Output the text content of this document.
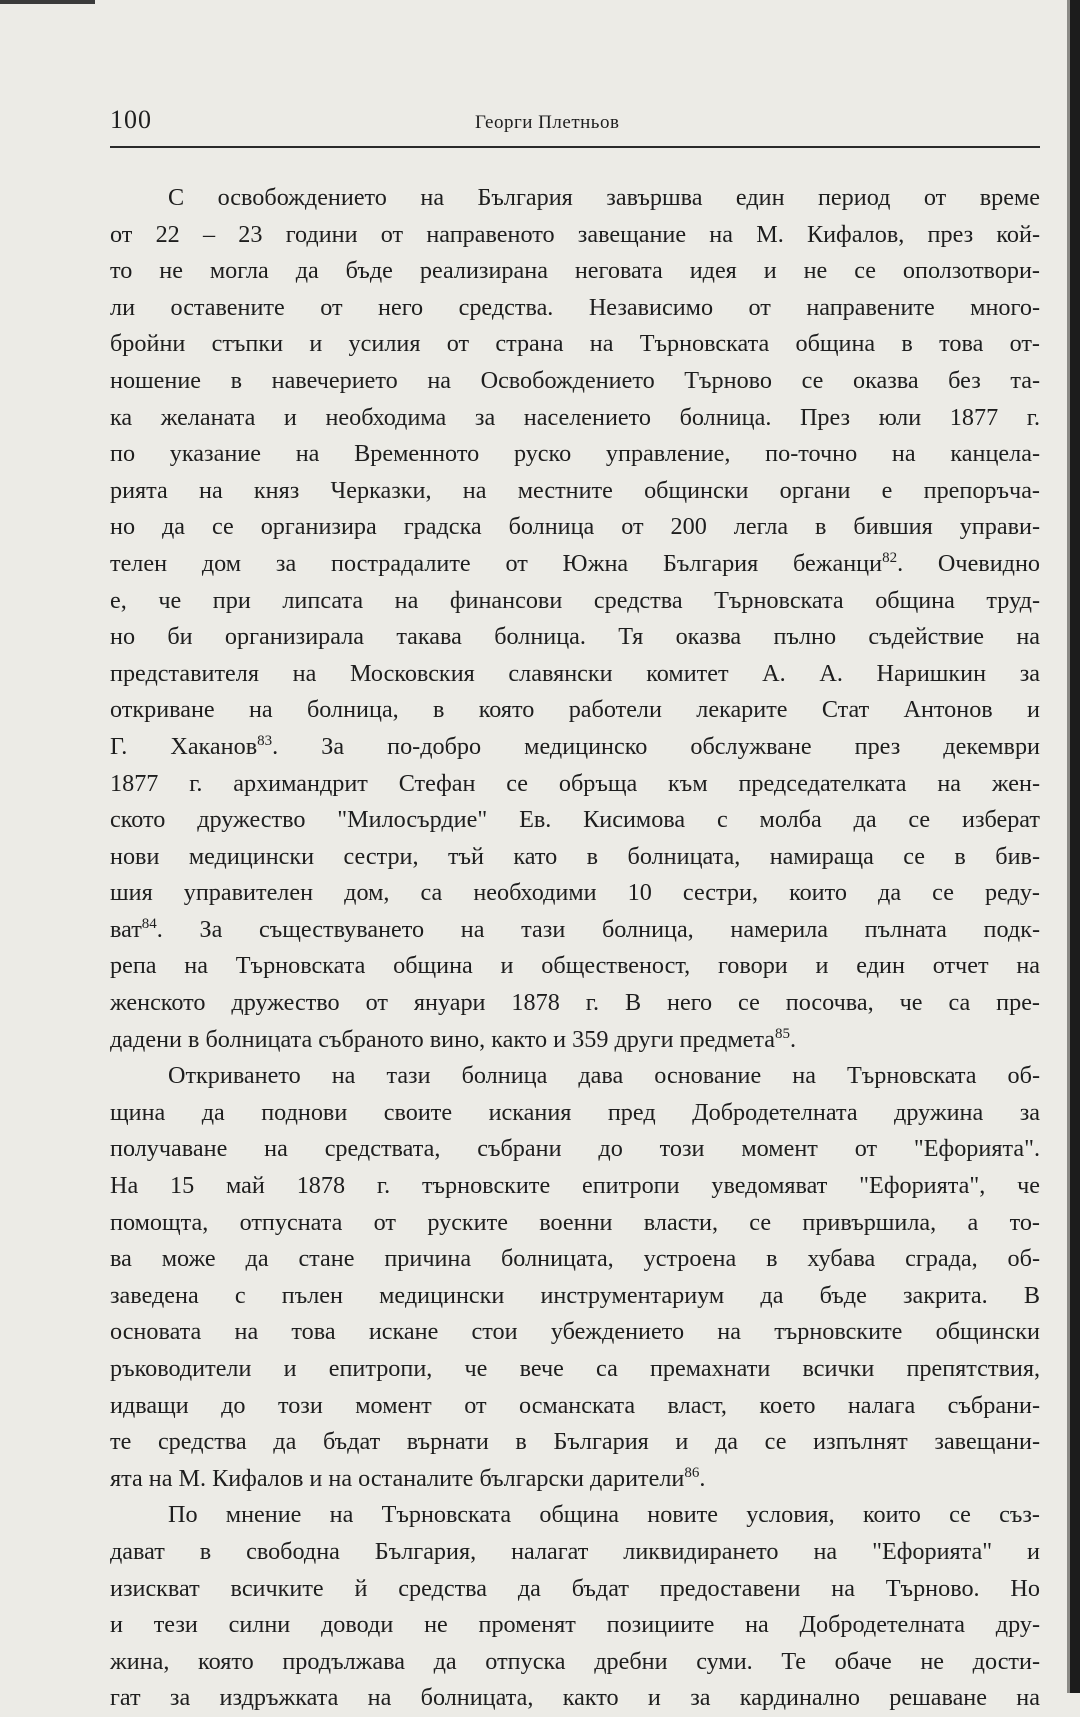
100	Георги Плетньов
С освобождението на България завършва един период от време
от 22 – 23 години от направеното завещание на М. Кифалов, през кой-
то не могла да бъде реализирана неговата идея и не се оползотвори-
ли оставените от него средства. Независимо от направените много-
бройни стъпки и усилия от страна на Търновската община в това от-
ношение в навечерието на Освобождението Търново се оказва без та-
ка желаната и необходима за населението болница. През юли 1877 г.
по указание на Временното руско управление, по-точно на канцела-
рията на княз Черказки, на местните общински органи е препоръча-
но да се организира градска болница от 200 легла в бившия управи-
телен дом за пострадалите от Южна България бежанци$^{82}$. Очевидно
е, че при липсата на финансови средства Търновската община труд-
но би организирала такава болница. Тя оказва пълно съдействие на
представителя на Московския славянски комитет А. А. Наришкин за
откриване на болница, в която работели лекарите Стат Антонов и
Г. Хаканов$^{83}$. За по-добро медицинско обслужване през декември
1877 г. архимандрит Стефан се обръща към председателката на жен-
ското дружество "Милосърдие" Ев. Кисимова с молба да се изберат
нови медицински сестри, тъй като в болницата, намираща се в бив-
шия управителен дом, са необходими 10 сестри, които да се реду-
ват$^{84}$. За съществуването на тази болница, намерила пълната подк-
репа на Търновската община и общественост, говори и един отчет на
женското дружество от януари 1878 г. В него се посочва, че са пре-
дадени в болницата събраното вино, както и 359 други предмета$^{85}$.
Откриването на тази болница дава основание на Търновската об-
щина да поднови своите искания пред Добродетелната дружина за
получаване на средствата, събрани до този момент от "Ефорията".
На 15 май 1878 г. търновските епитропи уведомяват "Ефорията", че
помощта, отпусната от руските военни власти, се привършила, а то-
ва може да стане причина болницата, устроена в хубава сграда, об-
заведена с пълен медицински инструментариум да бъде закрита. В
основата на това искане стои убеждението на търновските общински
ръководители и епитропи, че вече са премахнати всички препятствия,
идващи до този момент от османската власт, което налага събрани-
те средства да бъдат върнати в България и да се изпълнят завещани-
ята на М. Кифалов и на останалите български дарители$^{86}$.
По мнение на Търновската община новите условия, които се съз-
дават в свободна България, налагат ликвидирането на "Ефорията" и
изискват всичките й средства да бъдат предоставени на Търново. Но
и тези силни доводи не променят позициите на Добродетелната дру-
жина, която продължава да отпуска дребни суми. Те обаче не дости-
гат за издръжката на болницата, както и за кардинално решаване на
